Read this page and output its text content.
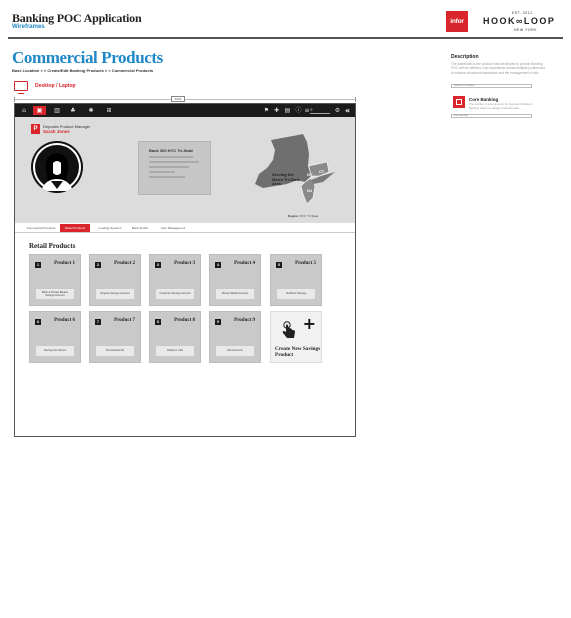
Banking POC Application
Wireframes
infor
EST. 2012
HOOK∞LOOP
NEW YORK
Commercial Products
Base Location > > Create/Edit Banking Products > > Commercial Products
Desktop / Laptop
1024
Description
The dashboard is the product view developed to provide Banking POC with an efficient, user-experience across multiple profiles and to balance document interactions and the management of risk.
Related Information
Core Banking
The solution is a component for Deposits Module & Banking users to manage financial tasks.
Infor Banking
⌂	▣	▥	♣	✱	⊞	⚑ ✚ ▤ ⓘ ≡ ⌕	⚙ «
P	Deposits Product Manager
Sarah Jones
Bank 360 NYC Tri-State
Serving the Metro Tri-State Area
NY
CT
NJ
Region: NYC Tri State
Commercial Products	Retail Products	Lending Systems	Bank Profile	User Management
Retail Products
1	Product 1
Bank & Private Banker Savings Account
2	Product 2
Regular Savings Account
3	Product 3
Customer Savings Account
4	Product 4
Money Market Account
5	Product 5
UniDirect Savings
6	Product 6
Savings For Minors
7	Product 7
Promotional CD
8	Product 8
Platinum CDs
9	Product 9
IRA Accounts
+
Create New Savings Product
